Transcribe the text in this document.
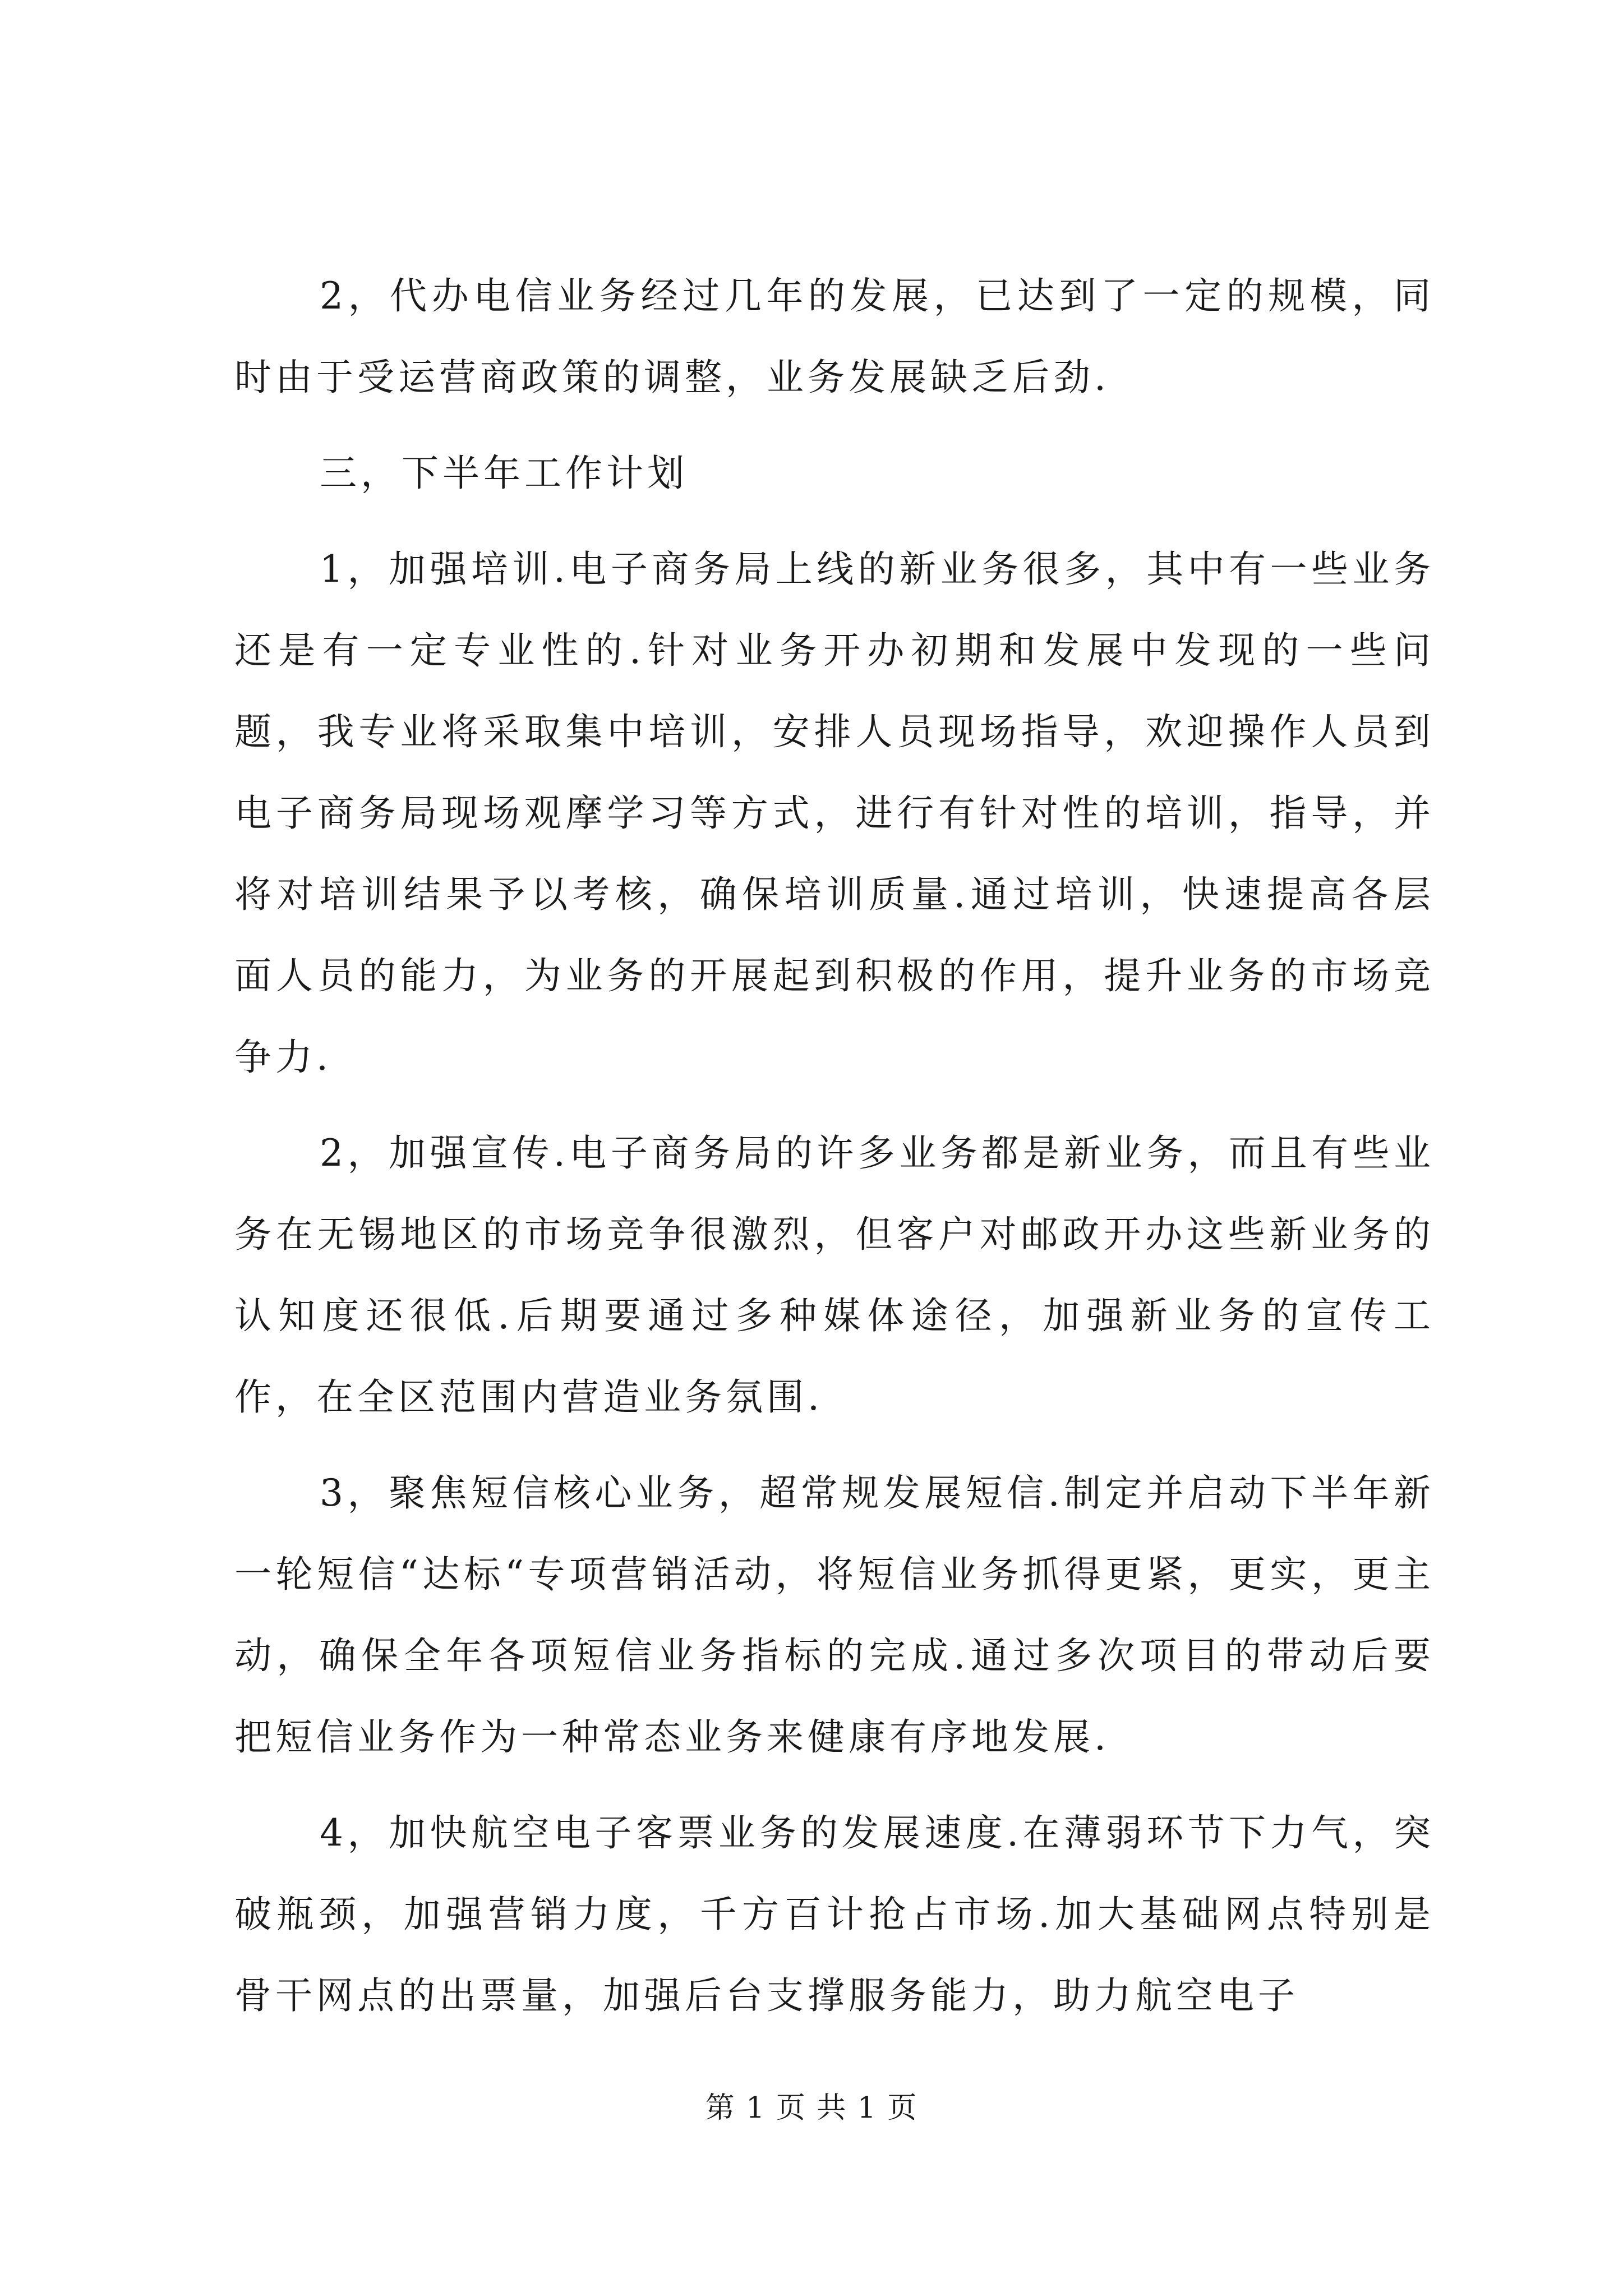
2，代办电信业务经过几年的发展，已达到了一定的规模，同时由于受运营商政策的调整，业务发展缺乏后劲.

三，下半年工作计划

1，加强培训.电子商务局上线的新业务很多，其中有一些业务还是有一定专业性的.针对业务开办初期和发展中发现的一些问题，我专业将采取集中培训，安排人员现场指导，欢迎操作人员到电子商务局现场观摩学习等方式，进行有针对性的培训，指导，并将对培训结果予以考核，确保培训质量.通过培训，快速提高各层面人员的能力，为业务的开展起到积极的作用，提升业务的市场竞争力.

2，加强宣传.电子商务局的许多业务都是新业务，而且有些业务在无锡地区的市场竞争很激烈，但客户对邮政开办这些新业务的认知度还很低.后期要通过多种媒体途径，加强新业务的宣传工作，在全区范围内营造业务氛围.

3，聚焦短信核心业务，超常规发展短信.制定并启动下半年新一轮短信“达标“专项营销活动，将短信业务抓得更紧，更实，更主动，确保全年各项短信业务指标的完成.通过多次项目的带动后要把短信业务作为一种常态业务来健康有序地发展.

4，加快航空电子客票业务的发展速度.在薄弱环节下力气，突破瓶颈，加强营销力度，千方百计抢占市场.加大基础网点特别是骨干网点的出票量，加强后台支撑服务能力，助力航空电子

第 1 页 共 1 页
